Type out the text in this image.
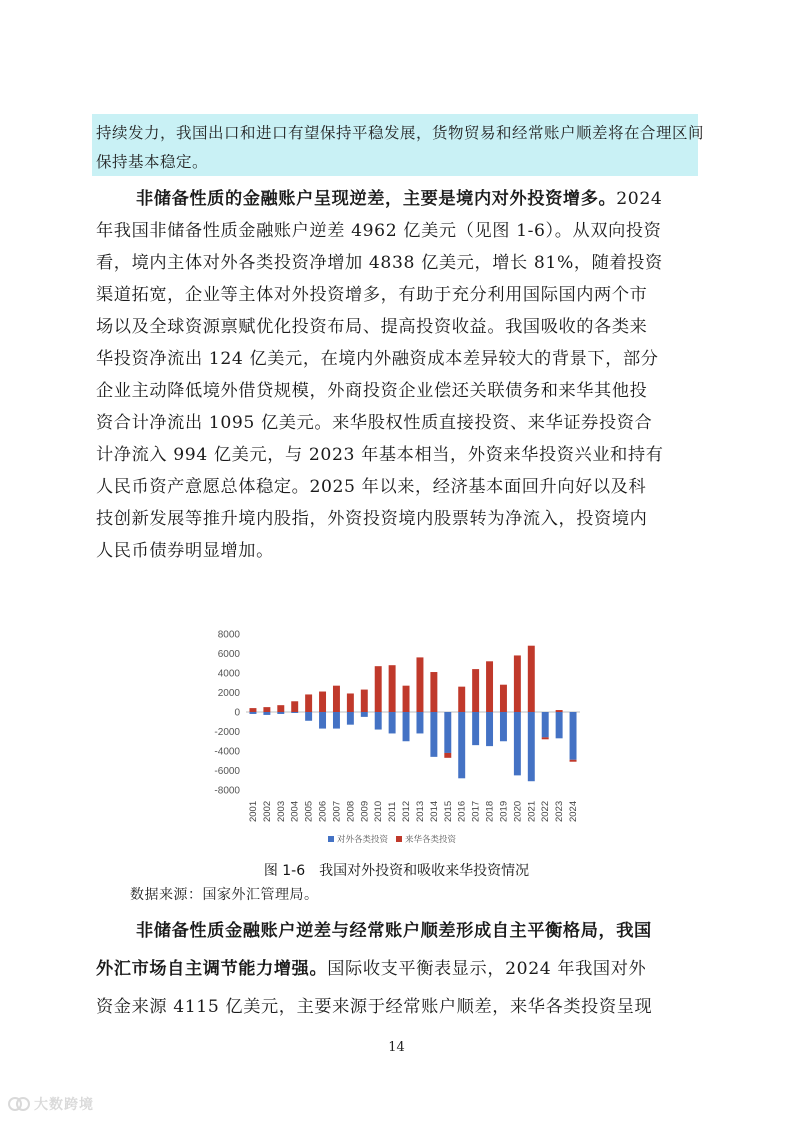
持续发力，我国出口和进口有望保持平稳发展，货物贸易和经常账户顺差将在合理区间
保持基本稳定。
非储备性质的金融账户呈现逆差，主要是境内对外投资增多。2024
年我国非储备性质金融账户逆差 4962 亿美元（见图 1-6）。从双向投资
看，境内主体对外各类投资净增加 4838 亿美元，增长 81%，随着投资
渠道拓宽，企业等主体对外投资增多，有助于充分利用国际国内两个市
场以及全球资源禀赋优化投资布局、提高投资收益。我国吸收的各类来
华投资净流出 124 亿美元，在境内外融资成本差异较大的背景下，部分
企业主动降低境外借贷规模，外商投资企业偿还关联债务和来华其他投
资合计净流出 1095 亿美元。来华股权性质直接投资、来华证券投资合
计净流入 994 亿美元，与 2023 年基本相当，外资来华投资兴业和持有
人民币资产意愿总体稳定。2025 年以来，经济基本面回升向好以及科
技创新发展等推升境内股指，外资投资境内股票转为净流入，投资境内
人民币债券明显增加。
8000
6000
4000
2000
0
-2000
-4000
-6000
-8000
2001 2002 2003 2004 2005 2006 2007 2008 2009 2010 2011 2012 2013 2014 2015 2016 2017 2018 2019 2020 2021 2022 2023 2024
对外各类投资 来华各类投资
图 1-6　我国对外投资和吸收来华投资情况
数据来源：国家外汇管理局。
非储备性质金融账户逆差与经常账户顺差形成自主平衡格局，我国
外汇市场自主调节能力增强。国际收支平衡表显示，2024 年我国对外
资金来源 4115 亿美元，主要来源于经常账户顺差，来华各类投资呈现
14
大数跨境
